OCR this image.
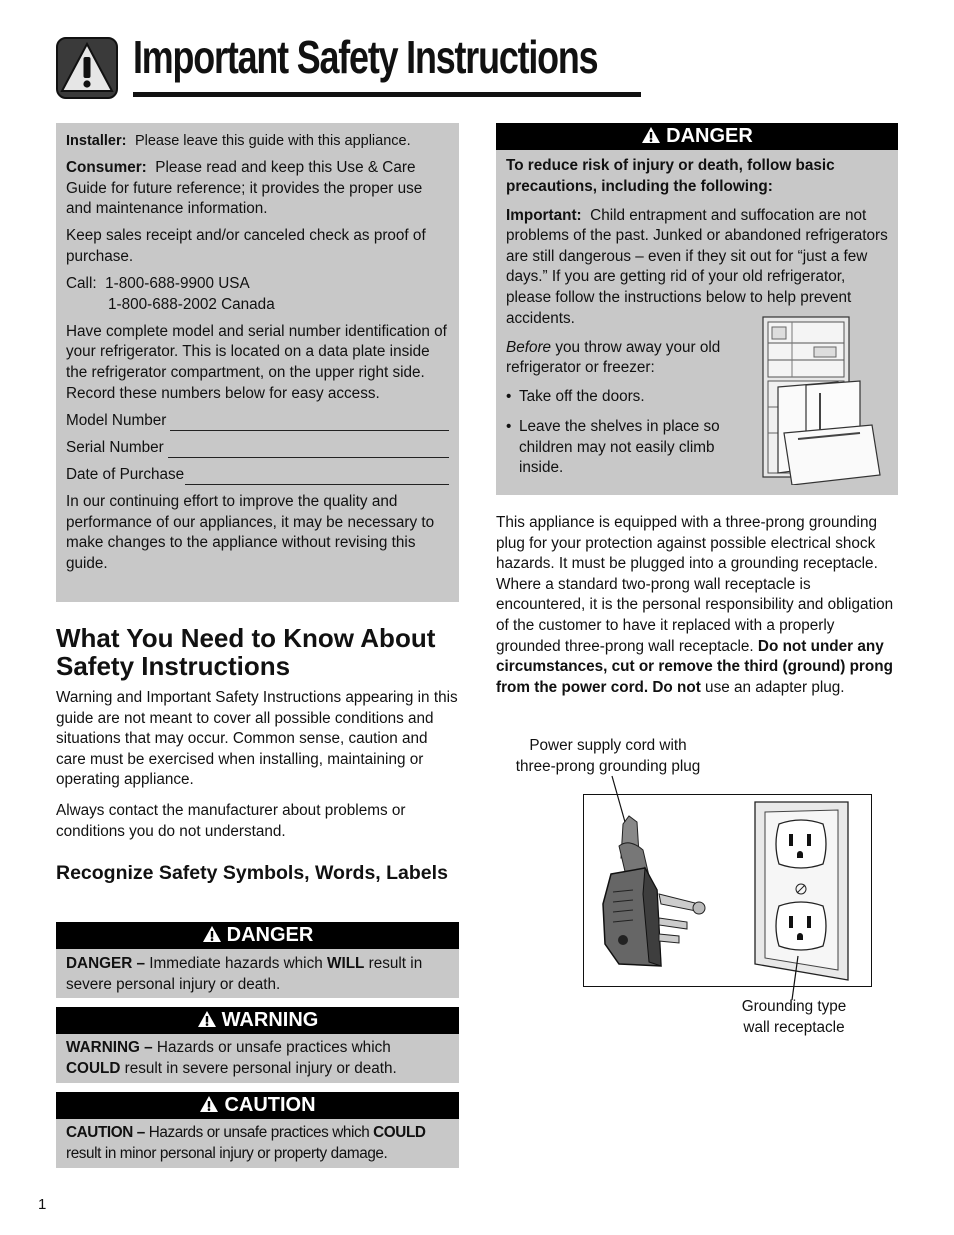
Important Safety Instructions

Installer: Please leave this guide with this appliance.

Consumer: Please read and keep this Use & Care Guide for future reference; it provides the proper use and maintenance information.

Keep sales receipt and/or canceled check as proof of purchase.

Call: 1-800-688-9900 USA
1-800-688-2002 Canada

Have complete model and serial number identification of your refrigerator. This is located on a data plate inside the refrigerator compartment, on the upper right side. Record these numbers below for easy access.

Model Number
Serial Number
Date of Purchase

In our continuing effort to improve the quality and performance of our appliances, it may be necessary to make changes to the appliance without revising this guide.

What You Need to Know About Safety Instructions
Warning and Important Safety Instructions appearing in this guide are not meant to cover all possible conditions and situations that may occur. Common sense, caution and care must be exercised when installing, maintaining or operating appliance.
Always contact the manufacturer about problems or conditions you do not understand.
Recognize Safety Symbols, Words, Labels
DANGER
DANGER – Immediate hazards which WILL result in severe personal injury or death.
WARNING
WARNING – Hazards or unsafe practices which COULD result in severe personal injury or death.
CAUTION
CAUTION – Hazards or unsafe practices which COULD result in minor personal injury or property damage.
DANGER

To reduce risk of injury or death, follow basic precautions, including the following:

Important: Child entrapment and suffocation are not problems of the past. Junked or abandoned refrigerators are still dangerous – even if they sit out for “just a few days.” If you are getting rid of your old refrigerator, please follow the instructions below to help prevent accidents.

Before you throw away your old refrigerator or freezer:

• Take off the doors.
• Leave the shelves in place so children may not easily climb inside.
This appliance is equipped with a three-prong grounding plug for your protection against possible electrical shock hazards. It must be plugged into a grounding receptacle. Where a standard two-prong wall receptacle is encountered, it is the personal responsibility and obligation of the customer to have it replaced with a properly grounded three-prong wall receptacle. Do not under any circumstances, cut or remove the third (ground) prong from the power cord. Do not use an adapter plug.
Power supply cord with
three-prong grounding plug
Grounding type
wall receptacle
1
